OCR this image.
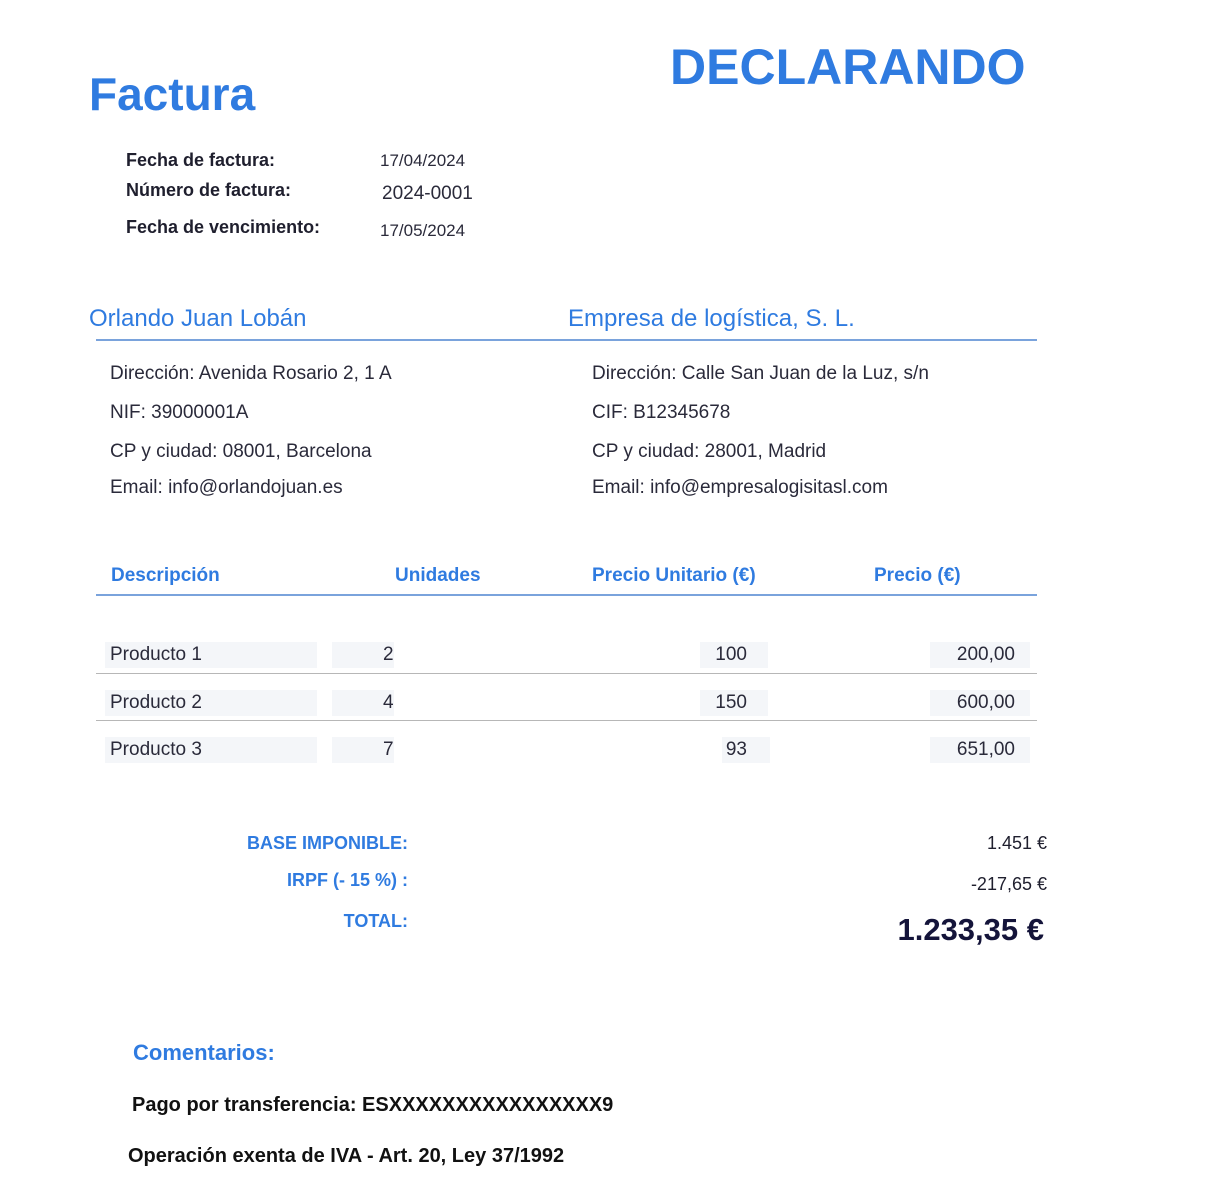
Factura	DECLARANDO
Fecha de factura:	17/04/2024
Número de factura:	2024-0001
Fecha de vencimiento:	17/05/2024
Orlando Juan Lobán	Empresa de logística, S. L.
Dirección: Avenida Rosario 2, 1 A
NIF: 39000001A
CP y ciudad: 08001, Barcelona
Email: info@orlandojuan.es
Dirección: Calle San Juan de la Luz, s/n
CIF: B12345678
CP y ciudad: 28001, Madrid
Email: info@empresalogisitasl.com
Descripción	Unidades	Precio Unitario (€)	Precio (€)
Producto 1	2	100	200,00
Producto 2	4	150	600,00
Producto 3	7	93	651,00
BASE IMPONIBLE:	1.451 €
IRPF (- 15 %) :	-217,65 €
TOTAL:	1.233,35 €
Comentarios:
Pago por transferencia: ESXXXXXXXXXXXXXXXX9
Operación exenta de IVA - Art. 20, Ley 37/1992
